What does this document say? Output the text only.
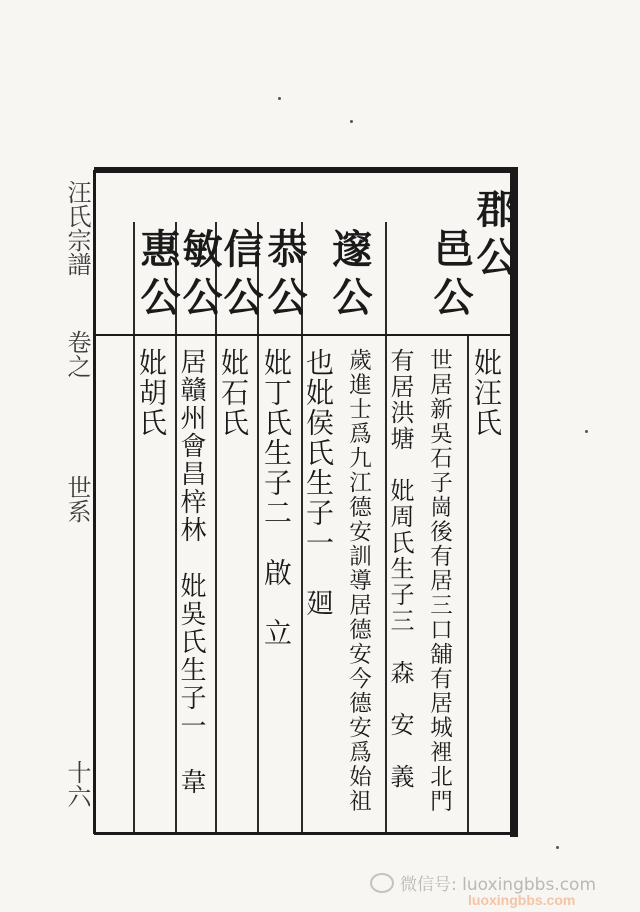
汪氏宗譜
卷之
世系
十六
郡公
邑公
邃公
恭公
信公
敏公
惠公
妣汪氏
世居新吳石子崗後有居三口舖有居城裡北門
有居洪塘　妣周氏生子三　森　安　義
歲進士爲九江德安訓導居德安今德安爲始祖
也妣侯氏生子一　廻
妣丁氏生子二　啟　立
妣石氏
居贛州會昌梓林　妣吳氏生子一　韋
妣胡氏
微信号: luoxingbbs.com
luoxingbbs.com
